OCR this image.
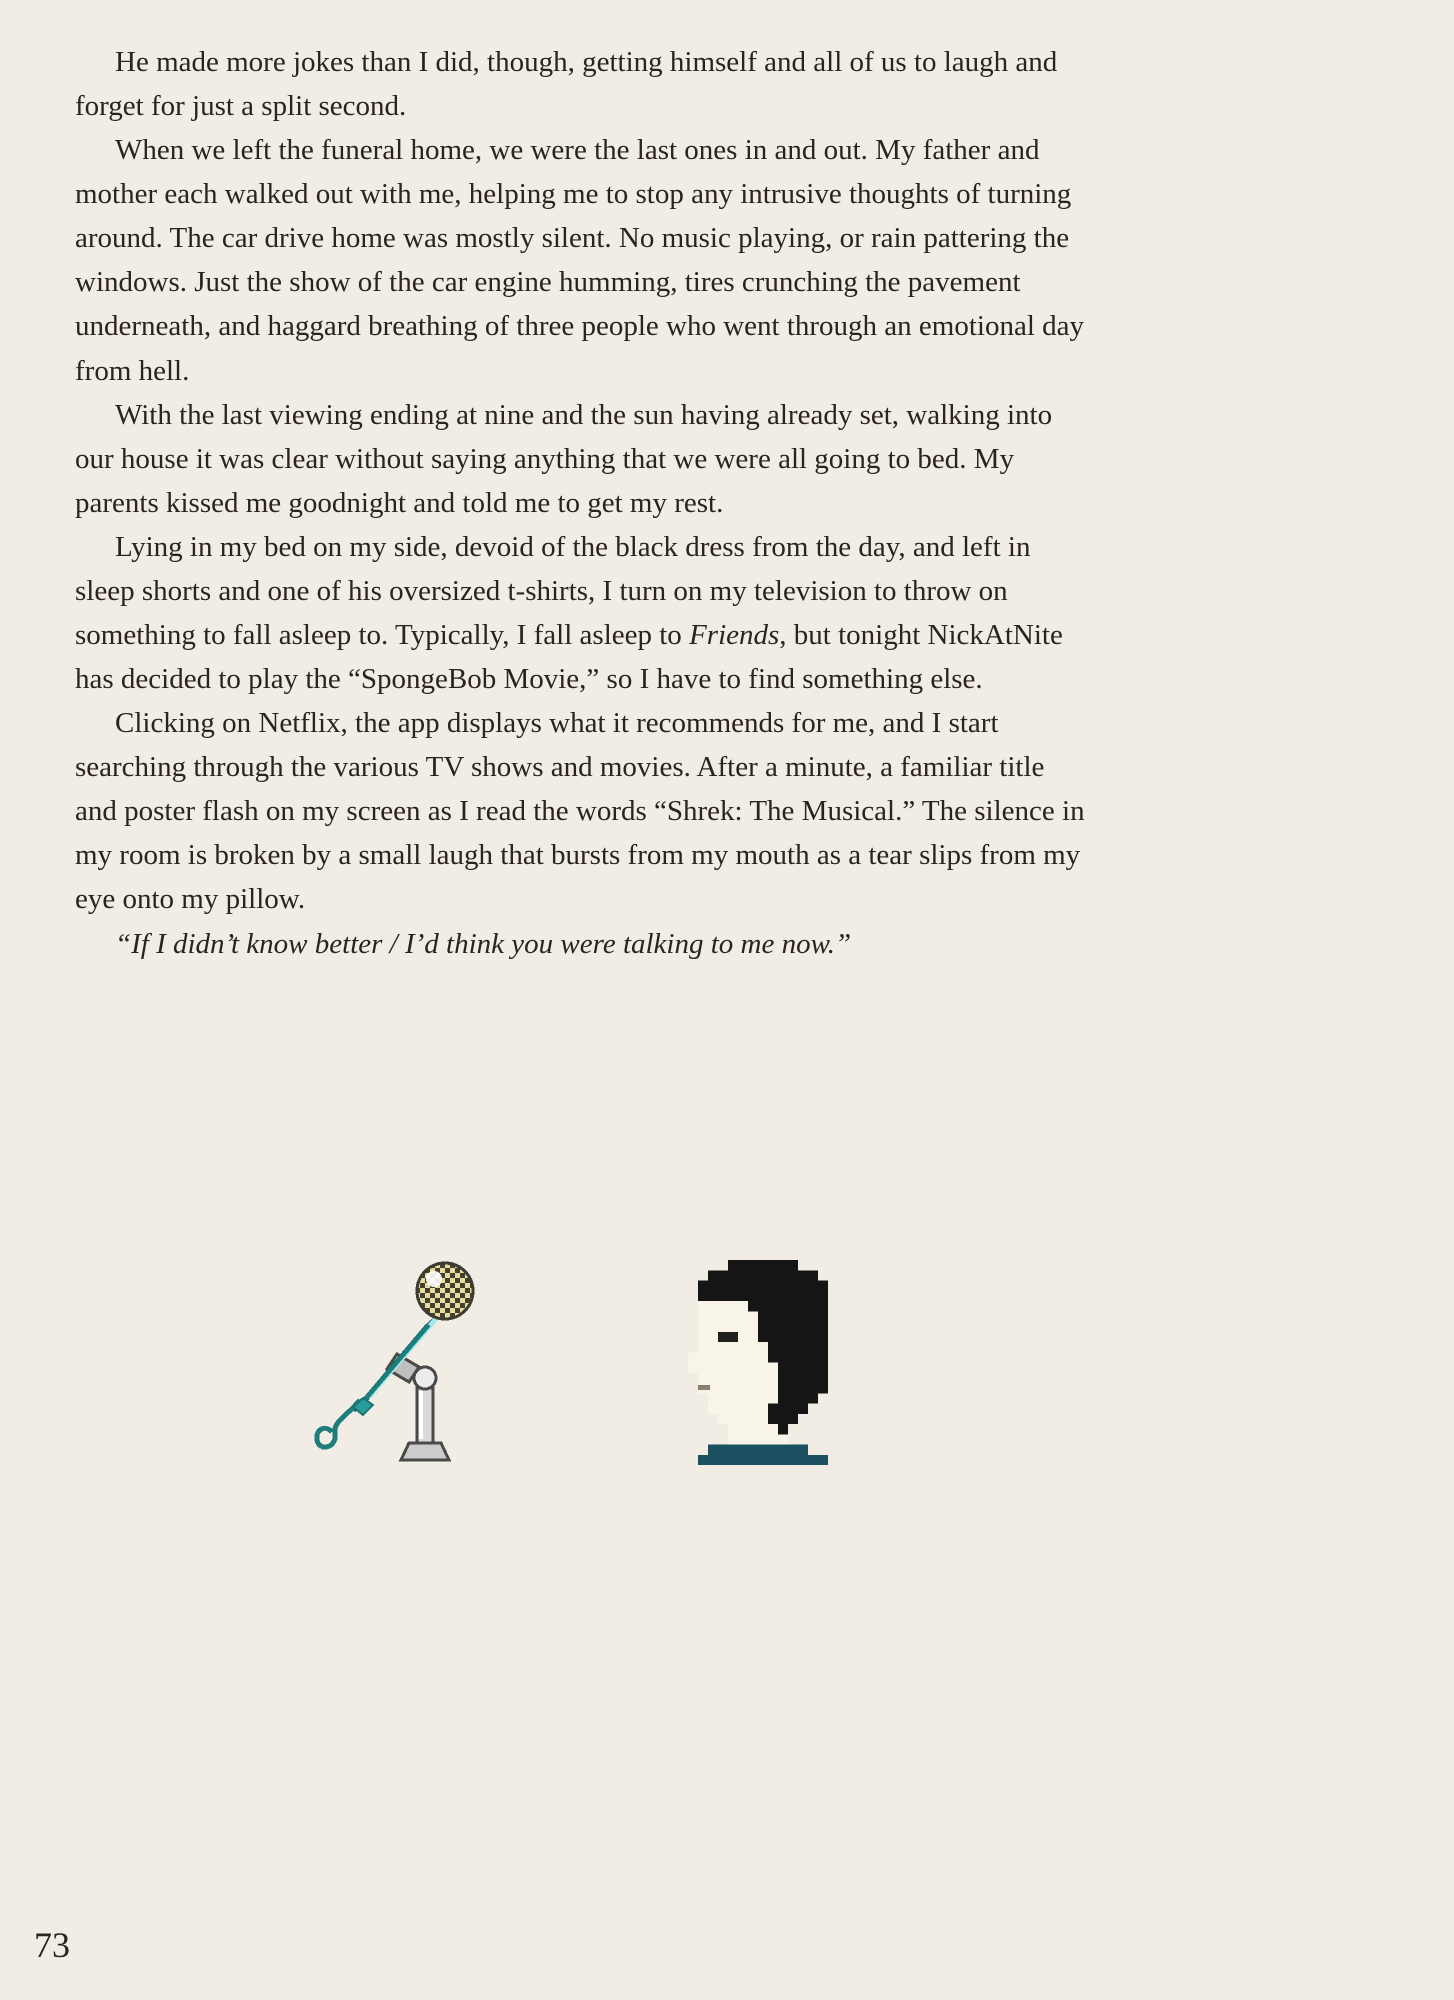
He made more jokes than I did, though, getting himself and all of us to laugh and forget for just a split second.

When we left the funeral home, we were the last ones in and out. My father and mother each walked out with me, helping me to stop any intrusive thoughts of turning around. The car drive home was mostly silent. No music playing, or rain pattering the windows. Just the show of the car engine humming, tires crunching the pavement underneath, and haggard breathing of three people who went through an emotional day from hell.

With the last viewing ending at nine and the sun having already set, walking into our house it was clear without saying anything that we were all going to bed. My parents kissed me goodnight and told me to get my rest.

Lying in my bed on my side, devoid of the black dress from the day, and left in sleep shorts and one of his oversized t-shirts, I turn on my television to throw on something to fall asleep to. Typically, I fall asleep to Friends, but tonight NickAtNite has decided to play the “SpongeBob Movie,” so I have to find something else.

Clicking on Netflix, the app displays what it recommends for me, and I start searching through the various TV shows and movies. After a minute, a familiar title and poster flash on my screen as I read the words “Shrek: The Musical.” The silence in my room is broken by a small laugh that bursts from my mouth as a tear slips from my eye onto my pillow.

“If I didn’t know better / I’d think you were talking to me now.”

73
